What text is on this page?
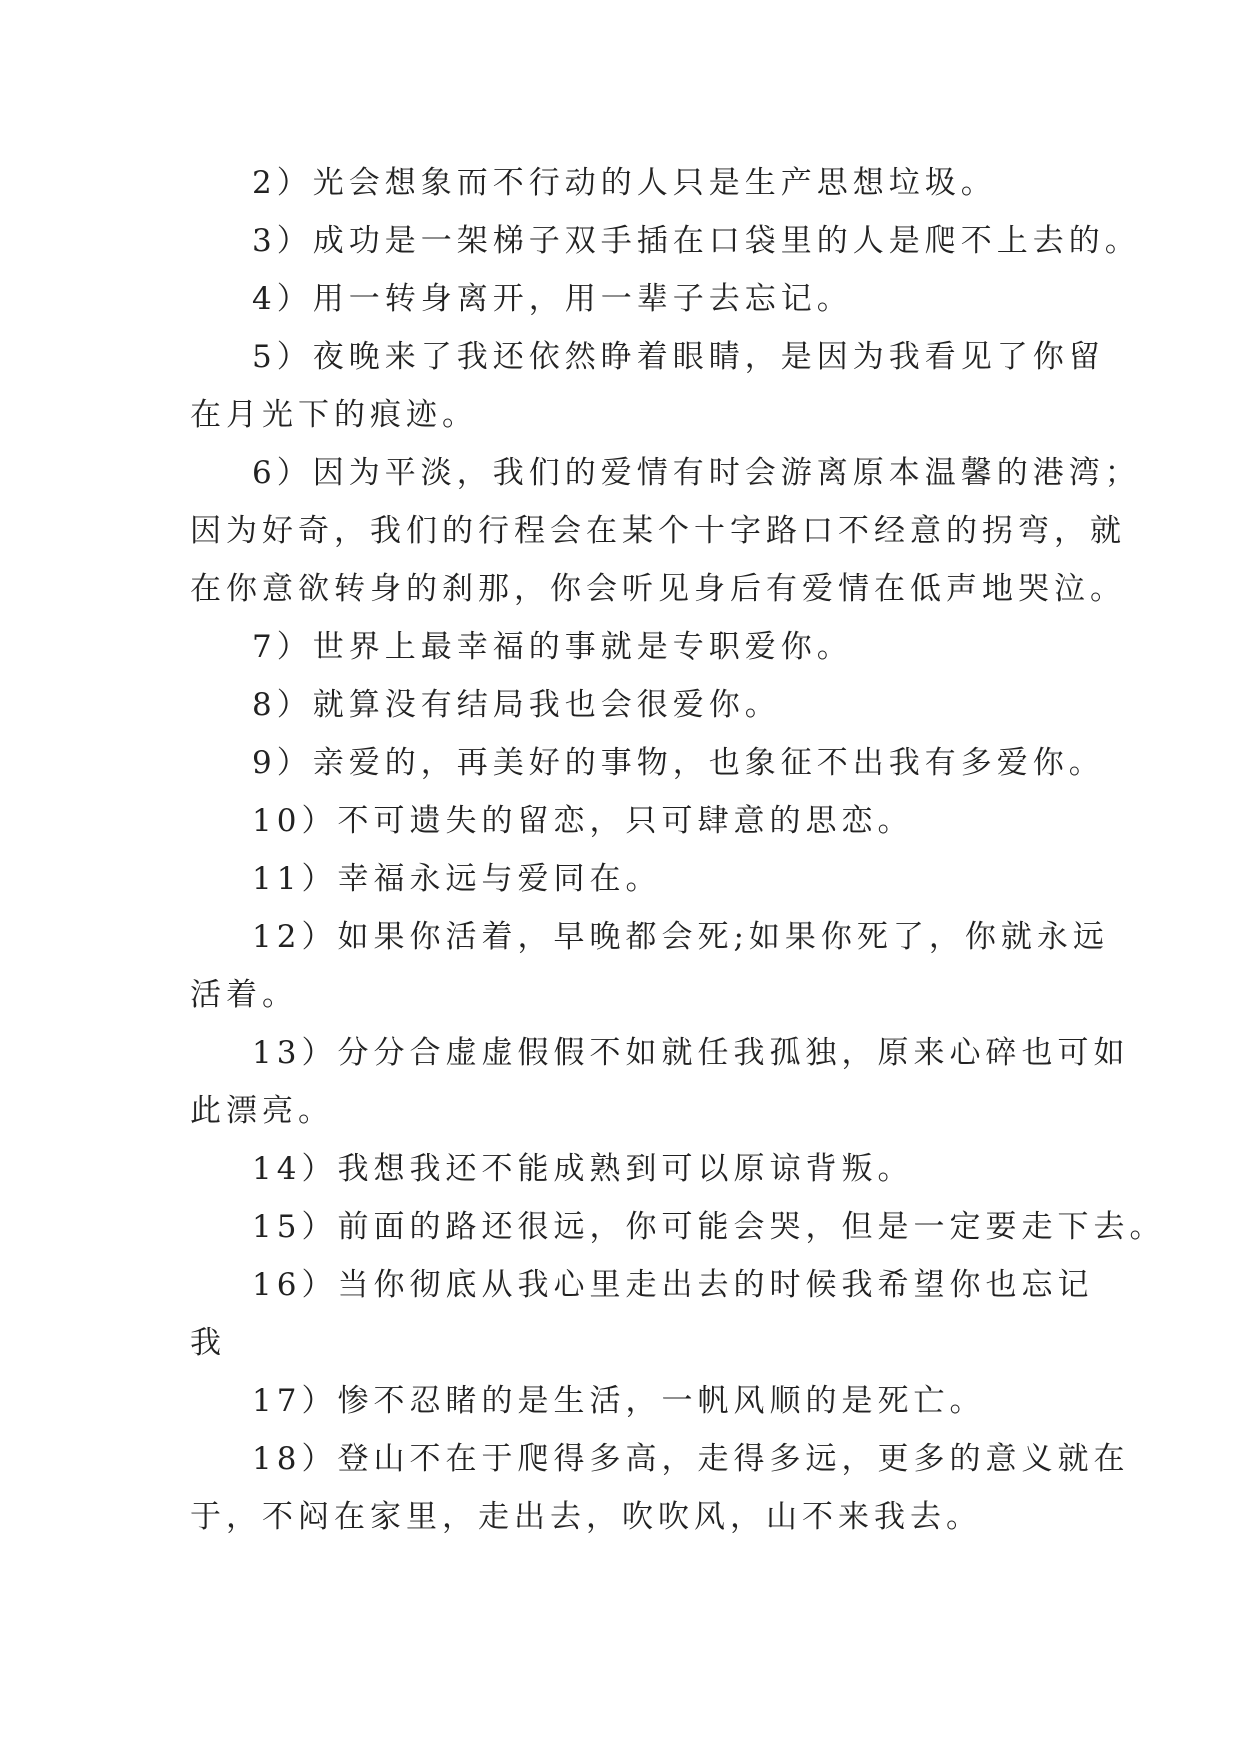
2）光会想象而不行动的人只是生产思想垃圾。

3）成功是一架梯子双手插在口袋里的人是爬不上去的。

4）用一转身离开，用一辈子去忘记。

5）夜晚来了我还依然睁着眼睛，是因为我看见了你留
在月光下的痕迹。

6）因为平淡，我们的爱情有时会游离原本温馨的港湾；
因为好奇，我们的行程会在某个十字路口不经意的拐弯，就
在你意欲转身的刹那，你会听见身后有爱情在低声地哭泣。

7）世界上最幸福的事就是专职爱你。

8）就算没有结局我也会很爱你。

9）亲爱的，再美好的事物，也象征不出我有多爱你。

10）不可遗失的留恋，只可肆意的思恋。

11）幸福永远与爱同在。

12）如果你活着，早晚都会死;如果你死了，你就永远
活着。

13）分分合虚虚假假不如就任我孤独，原来心碎也可如
此漂亮。

14）我想我还不能成熟到可以原谅背叛。

15）前面的路还很远，你可能会哭，但是一定要走下去。

16）当你彻底从我心里走出去的时候我希望你也忘记
我

17）惨不忍睹的是生活，一帆风顺的是死亡。

18）登山不在于爬得多高，走得多远，更多的意义就在
于，不闷在家里，走出去，吹吹风，山不来我去。
